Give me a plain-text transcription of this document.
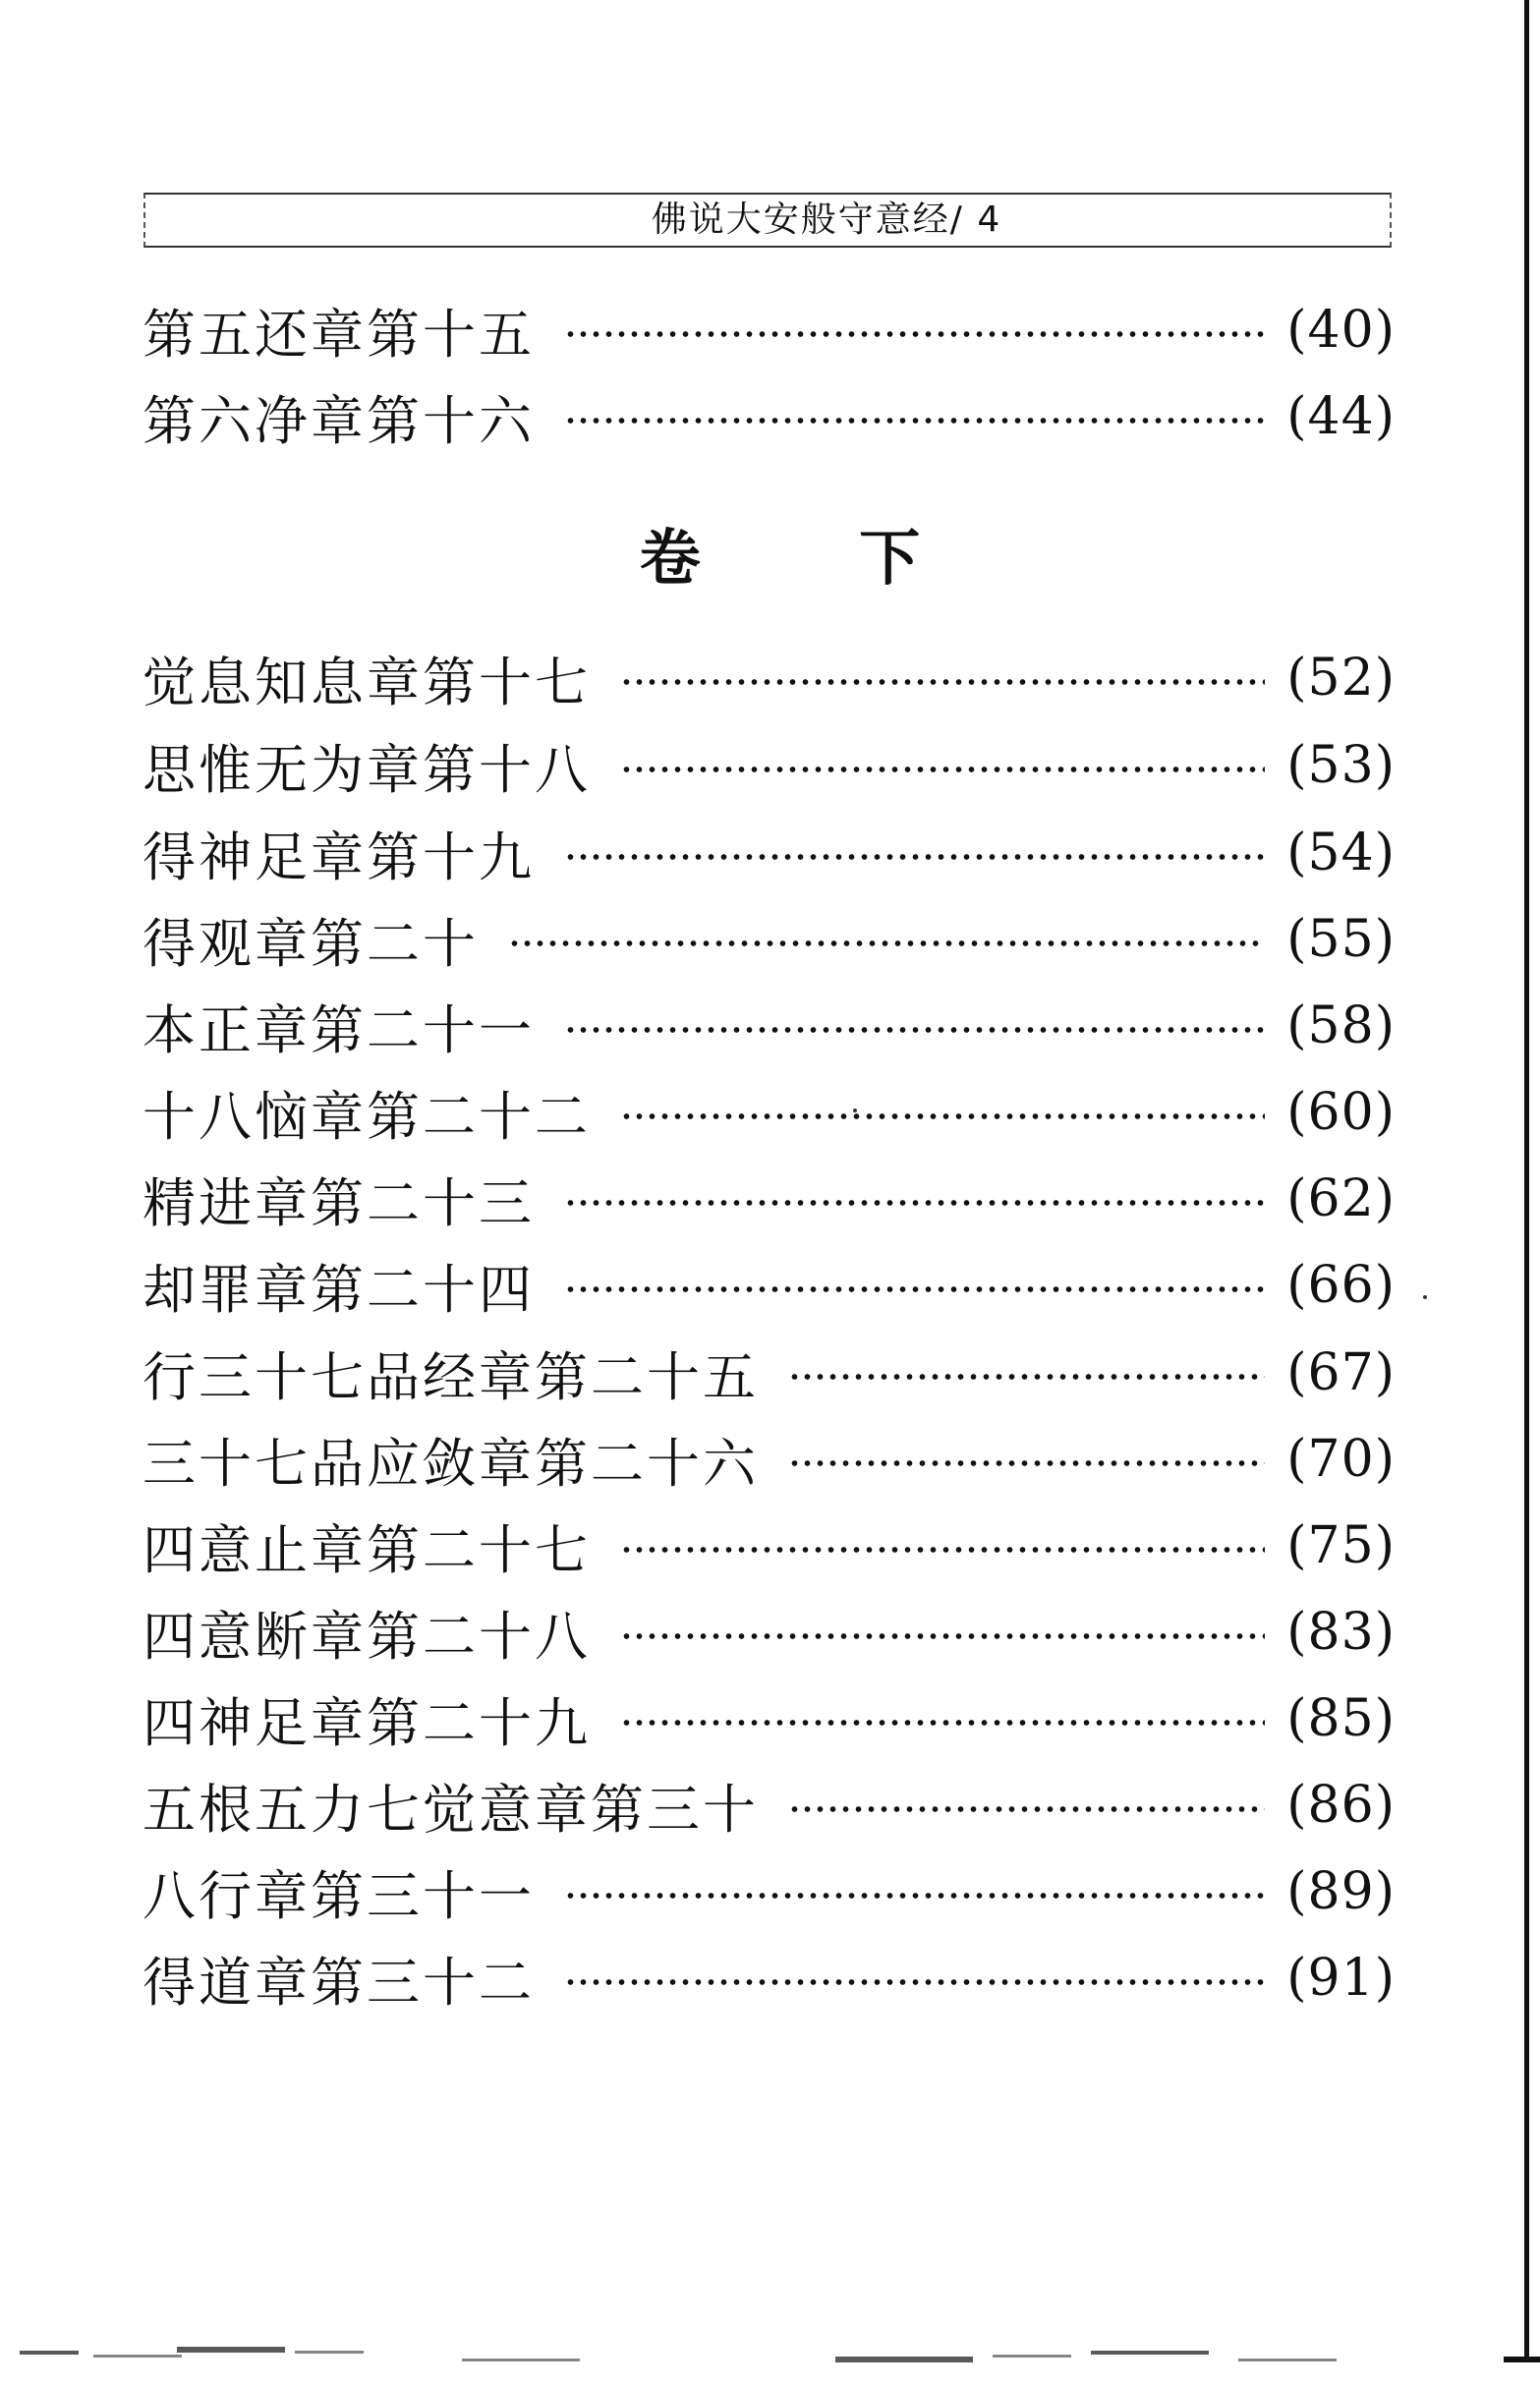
佛说大安般守意经/ 4
第五还章第十五	(40)
第六净章第十六	(44)
卷 下
觉息知息章第十七	(52)
思惟无为章第十八	(53)
得神足章第十九	(54)
得观章第二十	(55)
本正章第二十一	(58)
十八恼章第二十二	(60)
精进章第二十三	(62)
却罪章第二十四	(66)
行三十七品经章第二十五	(67)
三十七品应敛章第二十六	(70)
四意止章第二十七	(75)
四意断章第二十八	(83)
四神足章第二十九	(85)
五根五力七觉意章第三十	(86)
八行章第三十一	(89)
得道章第三十二	(91)
